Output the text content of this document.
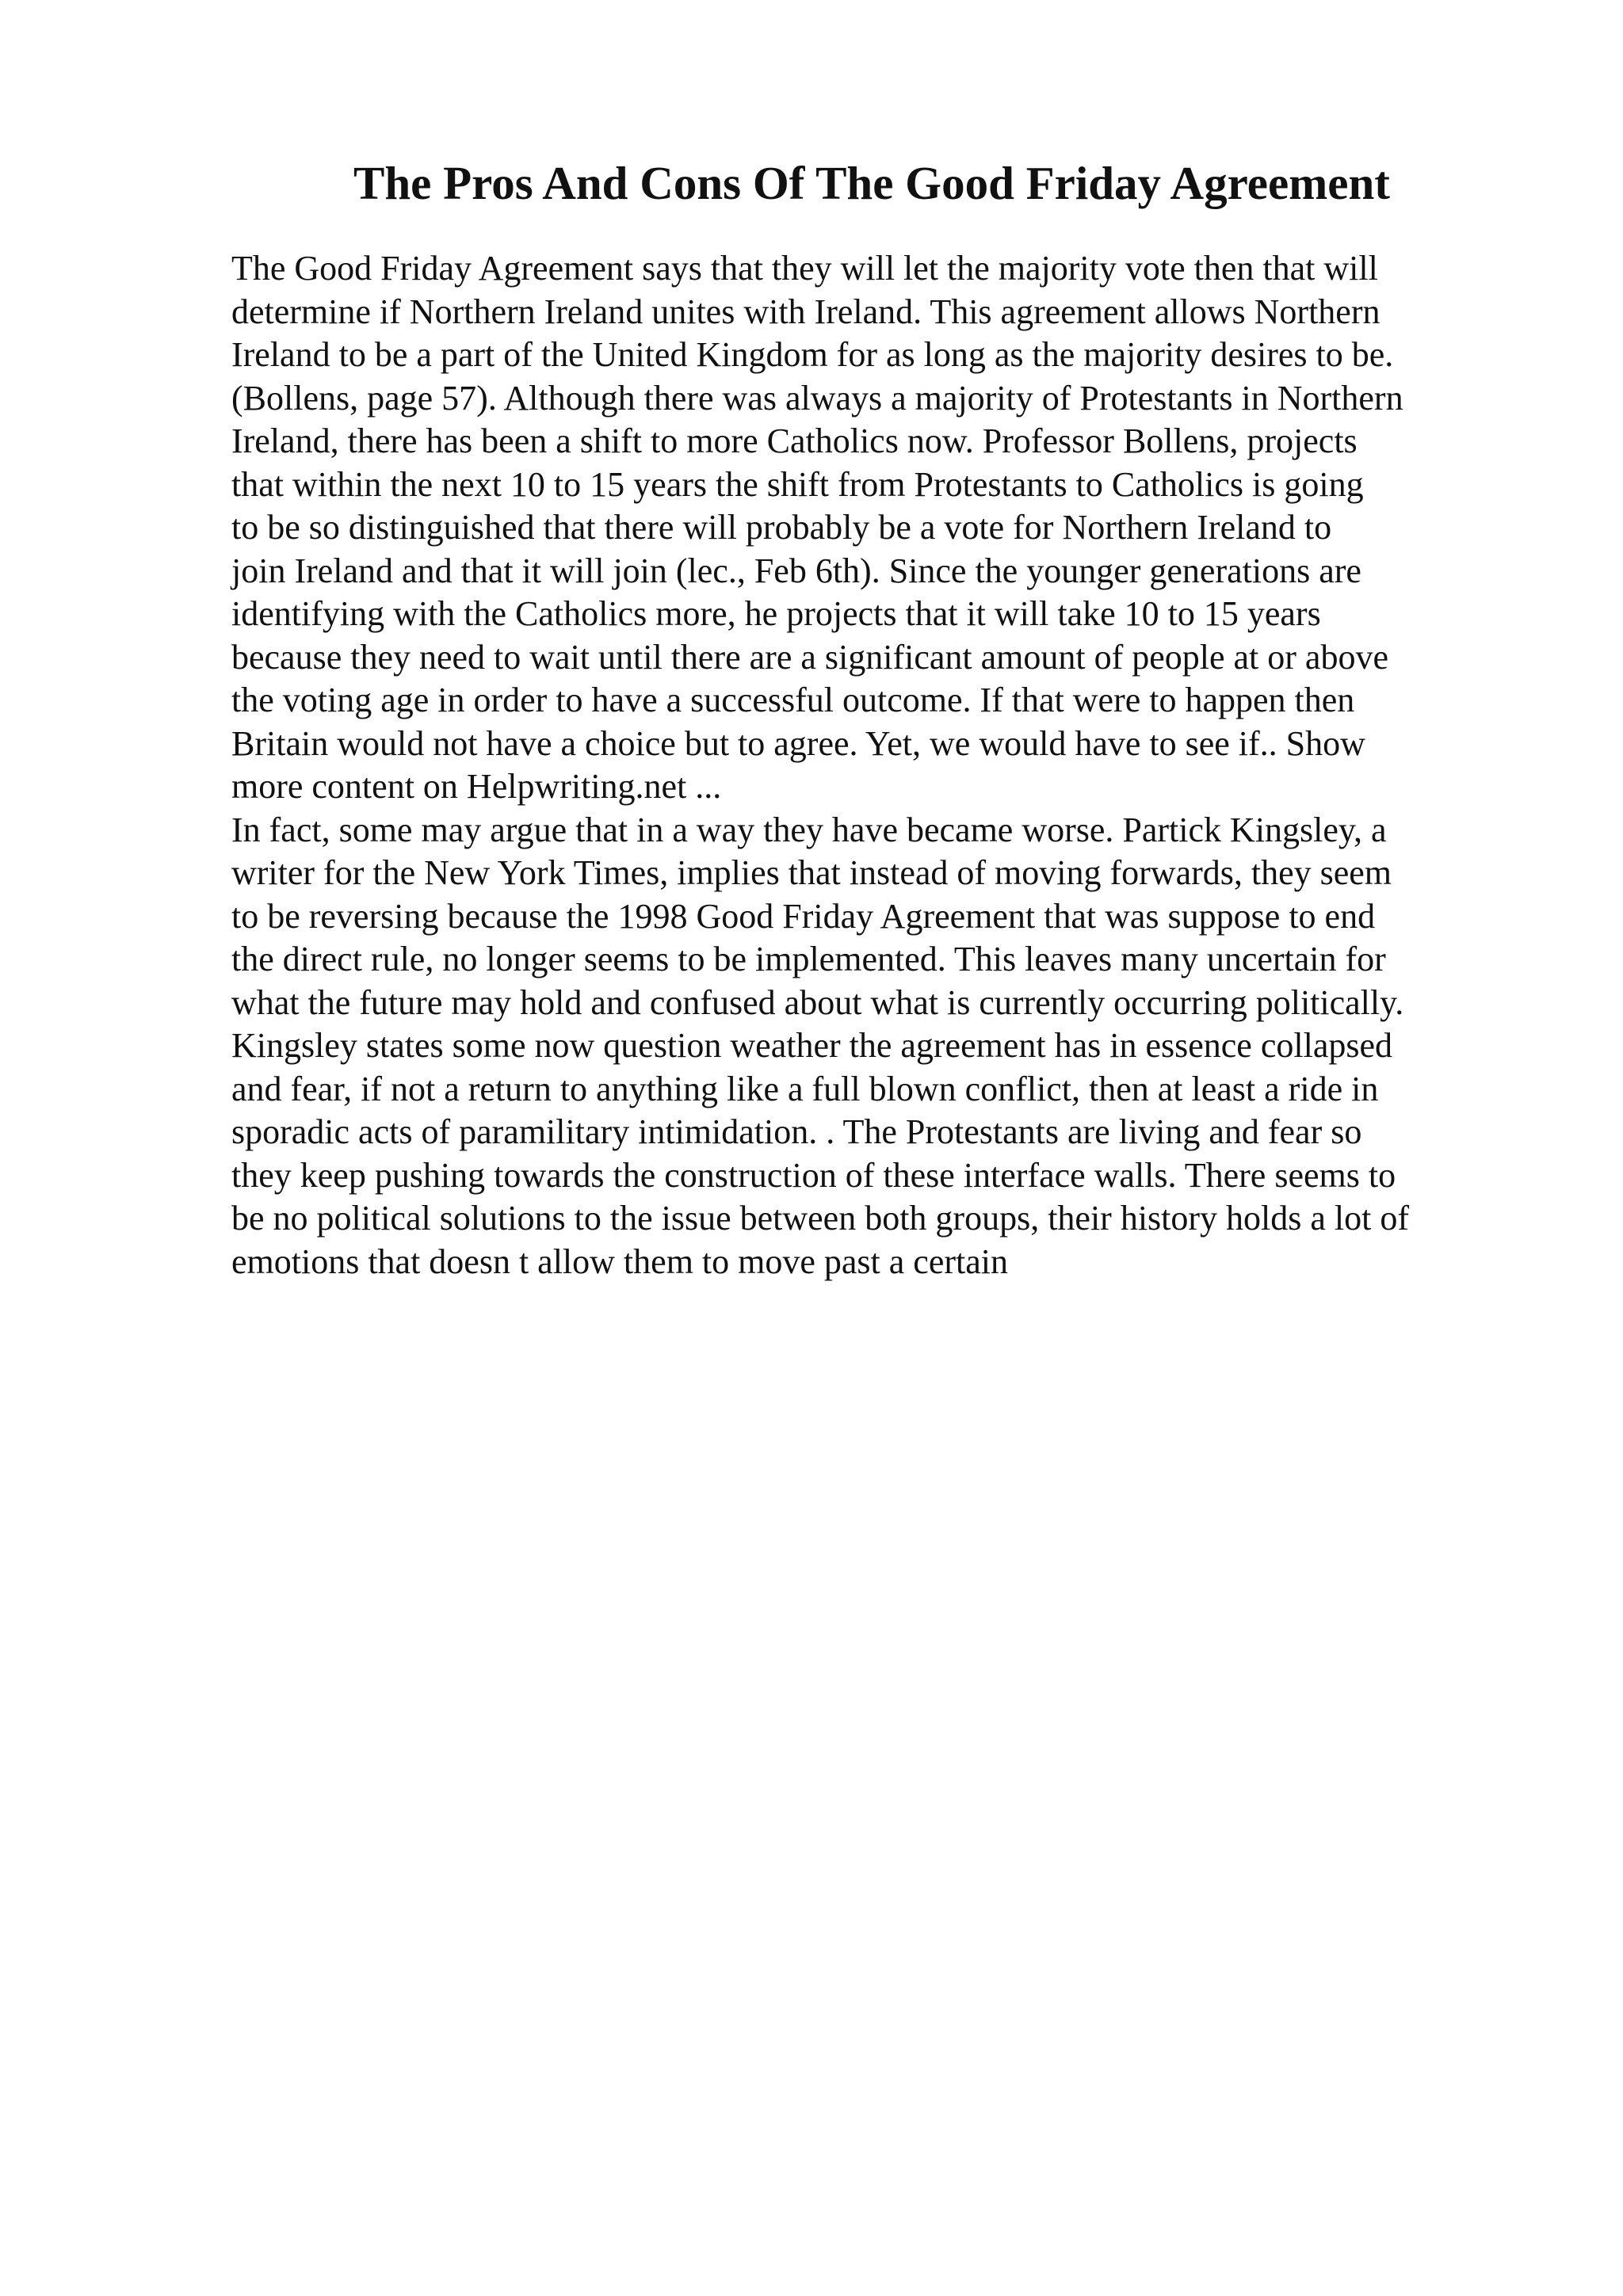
The Pros And Cons Of The Good Friday Agreement
The Good Friday Agreement says that they will let the majority vote then that will
determine if Northern Ireland unites with Ireland. This agreement allows Northern
Ireland to be a part of the United Kingdom for as long as the majority desires to be.
(Bollens, page 57). Although there was always a majority of Protestants in Northern
Ireland, there has been a shift to more Catholics now. Professor Bollens, projects
that within the next 10 to 15 years the shift from Protestants to Catholics is going
to be so distinguished that there will probably be a vote for Northern Ireland to
join Ireland and that it will join (lec., Feb 6th). Since the younger generations are
identifying with the Catholics more, he projects that it will take 10 to 15 years
because they need to wait until there are a significant amount of people at or above
the voting age in order to have a successful outcome. If that were to happen then
Britain would not have a choice but to agree. Yet, we would have to see if.. Show
more content on Helpwriting.net ...
In fact, some may argue that in a way they have became worse. Partick Kingsley, a
writer for the New York Times, implies that instead of moving forwards, they seem
to be reversing because the 1998 Good Friday Agreement that was suppose to end
the direct rule, no longer seems to be implemented. This leaves many uncertain for
what the future may hold and confused about what is currently occurring politically.
Kingsley states some now question weather the agreement has in essence collapsed
and fear, if not a return to anything like a full blown conflict, then at least a ride in
sporadic acts of paramilitary intimidation. . The Protestants are living and fear so
they keep pushing towards the construction of these interface walls. There seems to
be no political solutions to the issue between both groups, their history holds a lot of
emotions that doesn t allow them to move past a certain
